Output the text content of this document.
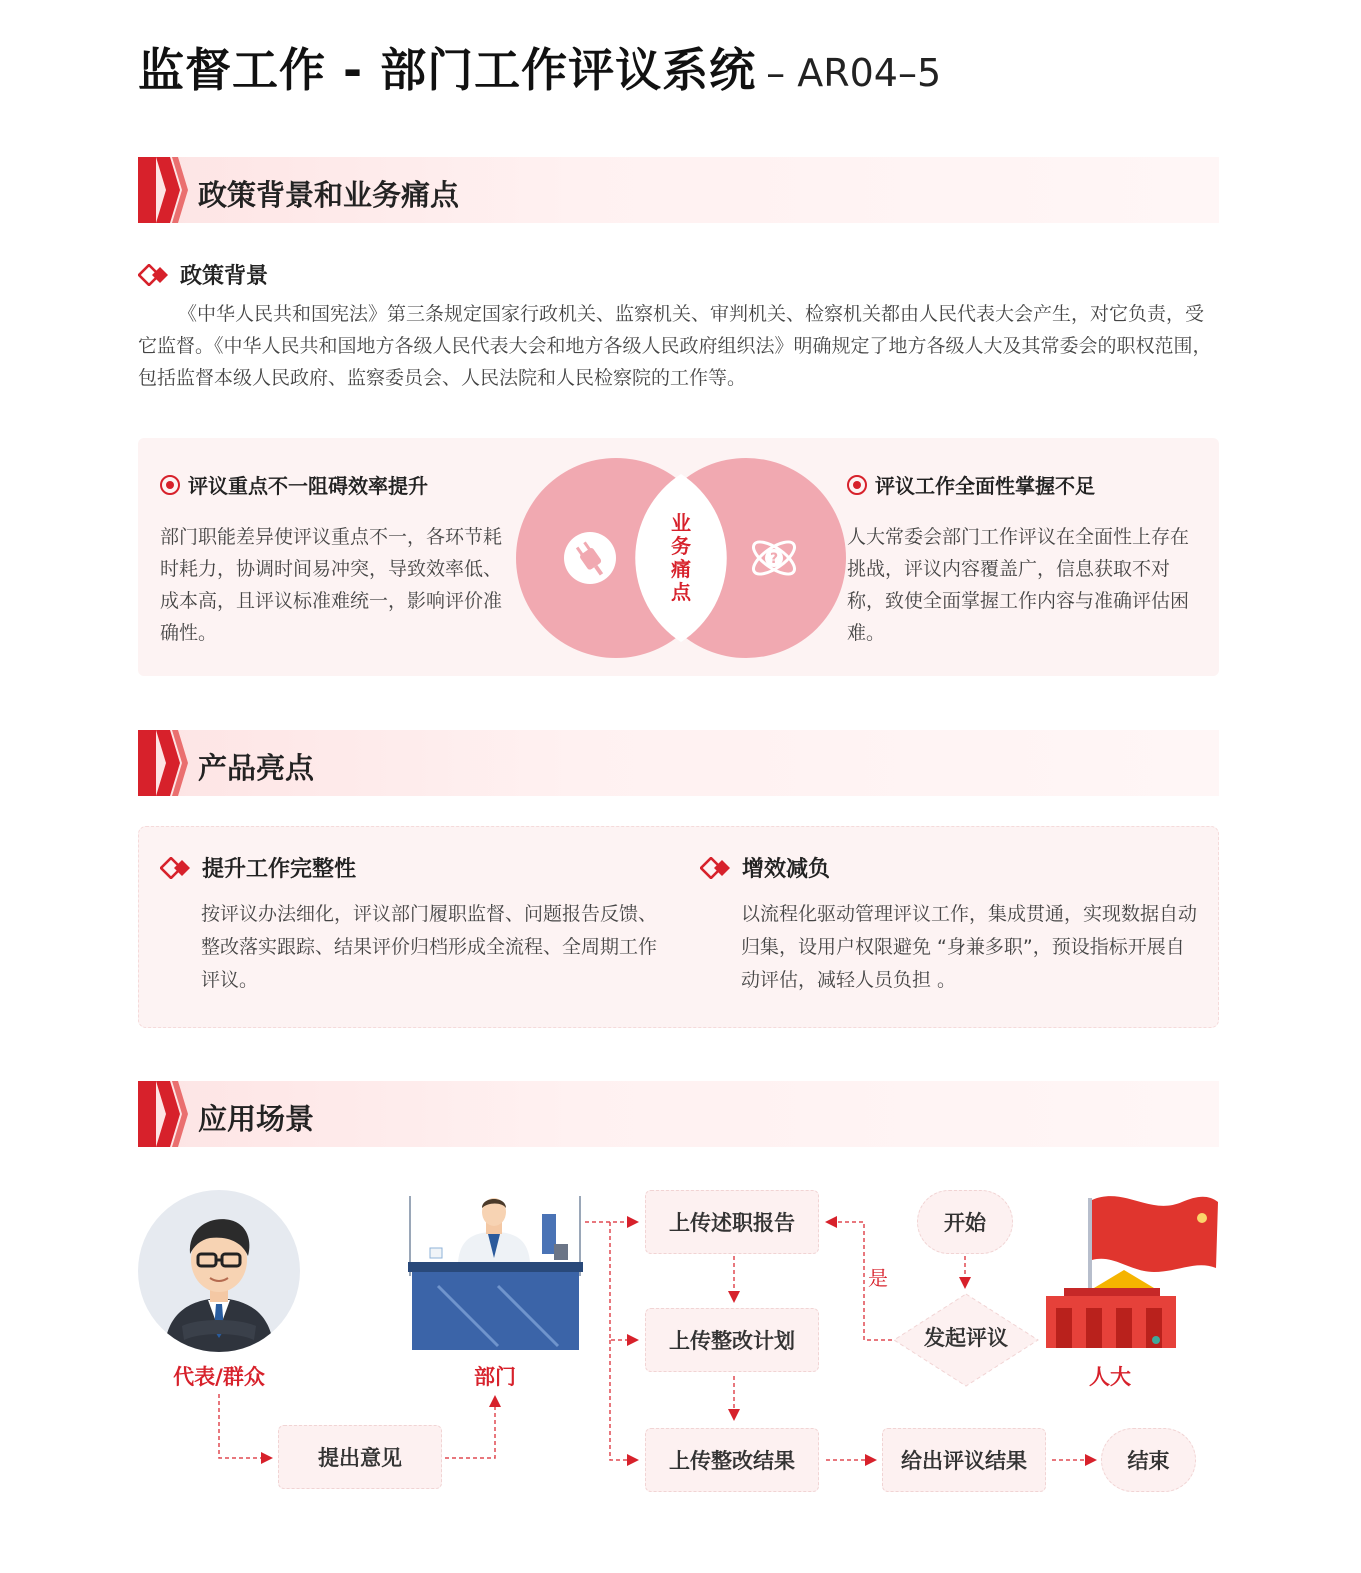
监督工作 - 部门工作评议系统 – AR04–5
政策背景和业务痛点
政策背景
《中华人民共和国宪法》第三条规定国家行政机关、监察机关、审判机关、检察机关都由人民代表大会产生，对它负责，受它监督。《中华人民共和国地方各级人民代表大会和地方各级人民政府组织法》明确规定了地方各级人大及其常委会的职权范围，包括监督本级人民政府、监察委员会、人民法院和人民检察院的工作等。
评议重点不一阻碍效率提升
部门职能差异使评议重点不一，各环节耗时耗力，协调时间易冲突，导致效率低、成本高，且评议标准难统一，影响评价准确性。
评议工作全面性掌握不足
人大常委会部门工作评议在全面性上存在挑战，评议内容覆盖广，信息获取不对称，致使全面掌握工作内容与准确评估困难。
业务痛点
?
产品亮点
提升工作完整性
按评议办法细化，评议部门履职监督、问题报告反馈、整改落实跟踪、结果评价归档形成全流程、全周期工作评议。
增效减负
以流程化驱动管理评议工作，集成贯通，实现数据自动归集，设用户权限避免 “身兼多职”，预设指标开展自动评估，减轻人员负担 。
应用场景
代表/群众	部门	人大
提出意见
上传述职报告
上传整改计划
上传整改结果	给出评议结果	结束
开始
发起评议
是
